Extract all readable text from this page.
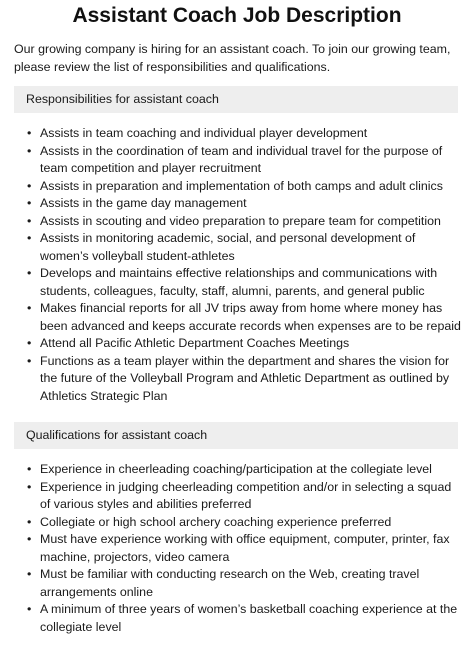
Assistant Coach Job Description
Our growing company is hiring for an assistant coach. To join our growing team, please review the list of responsibilities and qualifications.
Responsibilities for assistant coach
• Assists in team coaching and individual player development
• Assists in the coordination of team and individual travel for the purpose of team competition and player recruitment
• Assists in preparation and implementation of both camps and adult clinics
• Assists in the game day management
• Assists in scouting and video preparation to prepare team for competition
• Assists in monitoring academic, social, and personal development of women’s volleyball student-athletes
• Develops and maintains effective relationships and communications with students, colleagues, faculty, staff, alumni, parents, and general public
• Makes financial reports for all JV trips away from home where money has been advanced and keeps accurate records when expenses are to be repaid
• Attend all Pacific Athletic Department Coaches Meetings
• Functions as a team player within the department and shares the vision for the future of the Volleyball Program and Athletic Department as outlined by Athletics Strategic Plan
Qualifications for assistant coach
• Experience in cheerleading coaching/participation at the collegiate level
• Experience in judging cheerleading competition and/or in selecting a squad of various styles and abilities preferred
• Collegiate or high school archery coaching experience preferred
• Must have experience working with office equipment, computer, printer, fax machine, projectors, video camera
• Must be familiar with conducting research on the Web, creating travel arrangements online
• A minimum of three years of women’s basketball coaching experience at the collegiate level
